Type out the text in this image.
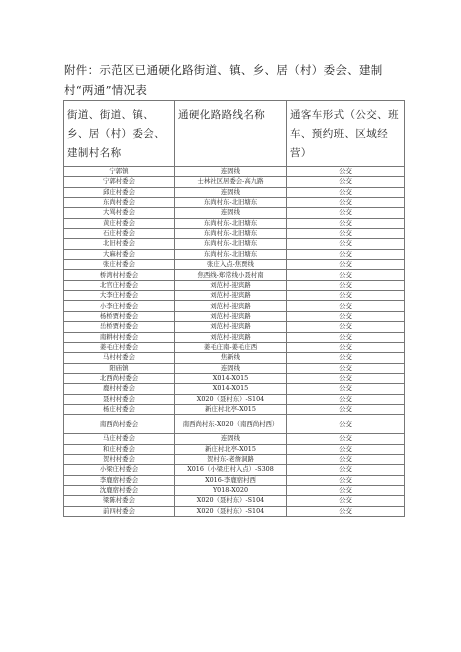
附件：示范区已通硬化路街道、镇、乡、居（村）委会、建制村“两通”情况表
街道、街道、镇、乡、居（村）委会、建制村名称	通硬化路路线名称	通客车形式（公交、班车、预约班、区域经营）
宁郭镇	连固线	公交
宁郭村委会	士林社区居委会-高九路	公交
邱庄村委会	连固线	公交
东尚村委会	东尚村东-北旧塘东	公交
大骂村委会	连固线	公交
黄庄村委会	东尚村东-北旧塘东	公交
石庄村委会	东尚村东-北旧塘东	公交
北旧村委会	东尚村东-北旧塘东	公交
大麻村委会	东尚村东-北旧塘东	公交
张庄村委会	张庄入点-焦贾线	公交
桥湾村村委会	焦西线-郑常线小聂村南	公交
北官庄村委会	刘范村-迎宾路	公交
大李庄村委会	刘范村-迎宾路	公交
小李庄村委会	刘范村-迎宾路	公交
杨桥贾村委会	刘范村-迎宾路	公交
岳桥贾村委会	刘范村-迎宾路	公交
南耕村村委会	刘范村-迎宾路	公交
姜毛庄村委会	姜毛庄南-姜毛庄西	公交
马村村委会	焦新线	公交
阳庙镇	连固线	公交
北西尚村委会	X014-X015	公交
鹿村村委会	X014-X015	公交
聂村村委会	X020（聂村东）-S104	公交
杨庄村委会	新庄村北亭-X015	公交
南西尚村委会	南西尚村东-X020（南西尚村西）	公交
马庄村委会	连固线	公交
和庄村委会	新庄村北亭-X015	公交
贺村村委会	贺村东-老詹洞路	公交
小梁庄村委会	X016（小梁庄村入点）-S308	公交
李鹿宿村委会	X016-李鹿宿村西	公交
沈鹿宿村委会	Y018-X020	公交
梁陈村委会	X020（聂村东）-S104	公交
前四村委会	X020（聂村东）-S104	公交
